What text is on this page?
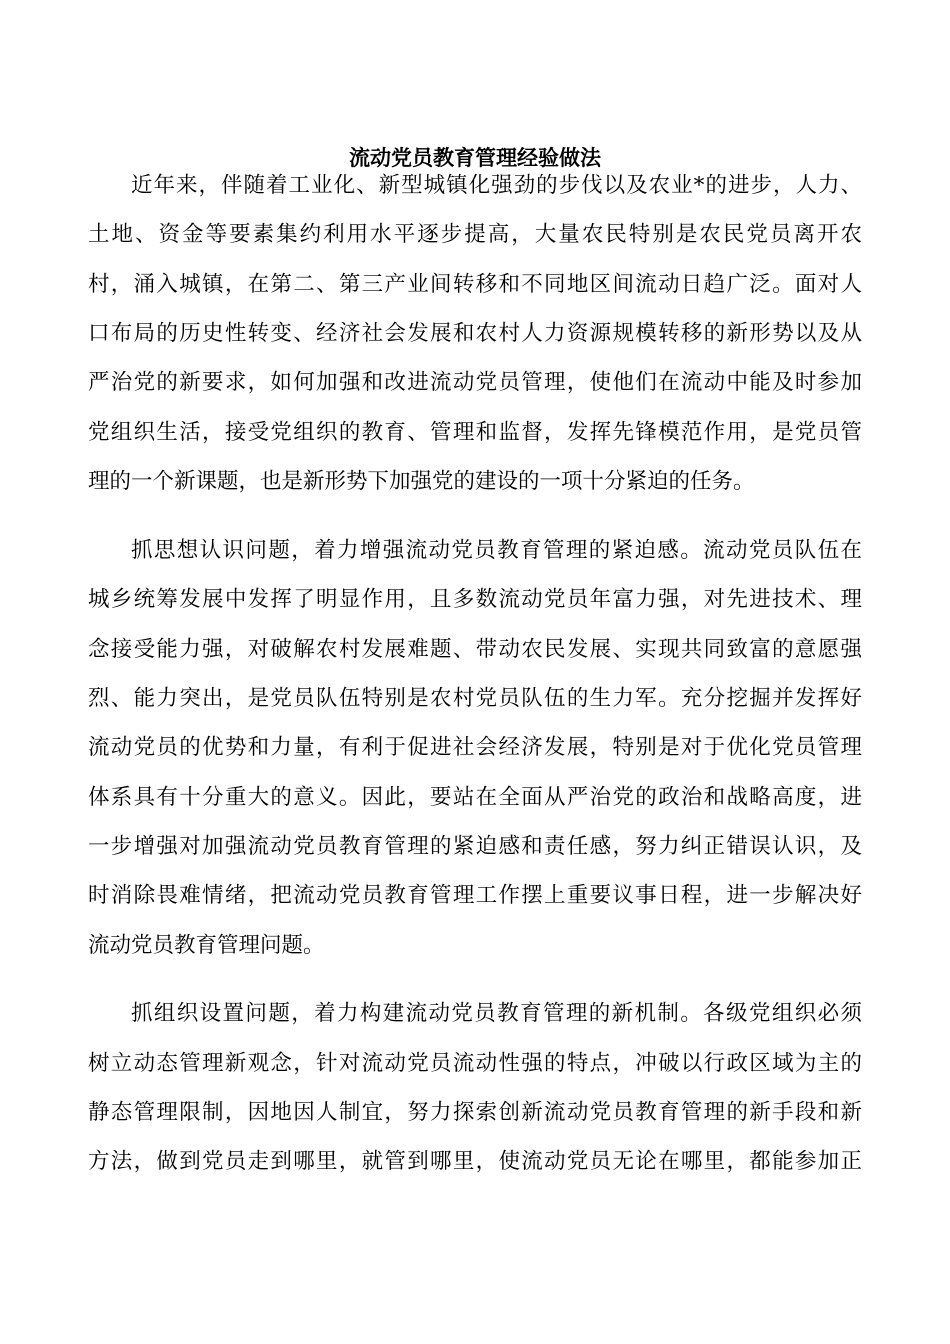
流动党员教育管理经验做法
近年来，伴随着工业化、新型城镇化强劲的步伐以及农业*的进步，人力、
土地、资金等要素集约利用水平逐步提高，大量农民特别是农民党员离开农
村，涌入城镇，在第二、第三产业间转移和不同地区间流动日趋广泛。面对人
口布局的历史性转变、经济社会发展和农村人力资源规模转移的新形势以及从
严治党的新要求，如何加强和改进流动党员管理，使他们在流动中能及时参加
党组织生活，接受党组织的教育、管理和监督，发挥先锋模范作用，是党员管
理的一个新课题，也是新形势下加强党的建设的一项十分紧迫的任务。
抓思想认识问题，着力增强流动党员教育管理的紧迫感。流动党员队伍在
城乡统筹发展中发挥了明显作用，且多数流动党员年富力强，对先进技术、理
念接受能力强，对破解农村发展难题、带动农民发展、实现共同致富的意愿强
烈、能力突出，是党员队伍特别是农村党员队伍的生力军。充分挖掘并发挥好
流动党员的优势和力量，有利于促进社会经济发展，特别是对于优化党员管理
体系具有十分重大的意义。因此，要站在全面从严治党的政治和战略高度，进
一步增强对加强流动党员教育管理的紧迫感和责任感，努力纠正错误认识，及
时消除畏难情绪，把流动党员教育管理工作摆上重要议事日程，进一步解决好
流动党员教育管理问题。
抓组织设置问题，着力构建流动党员教育管理的新机制。各级党组织必须
树立动态管理新观念，针对流动党员流动性强的特点，冲破以行政区域为主的
静态管理限制，因地因人制宜，努力探索创新流动党员教育管理的新手段和新
方法，做到党员走到哪里，就管到哪里，使流动党员无论在哪里，都能参加正
